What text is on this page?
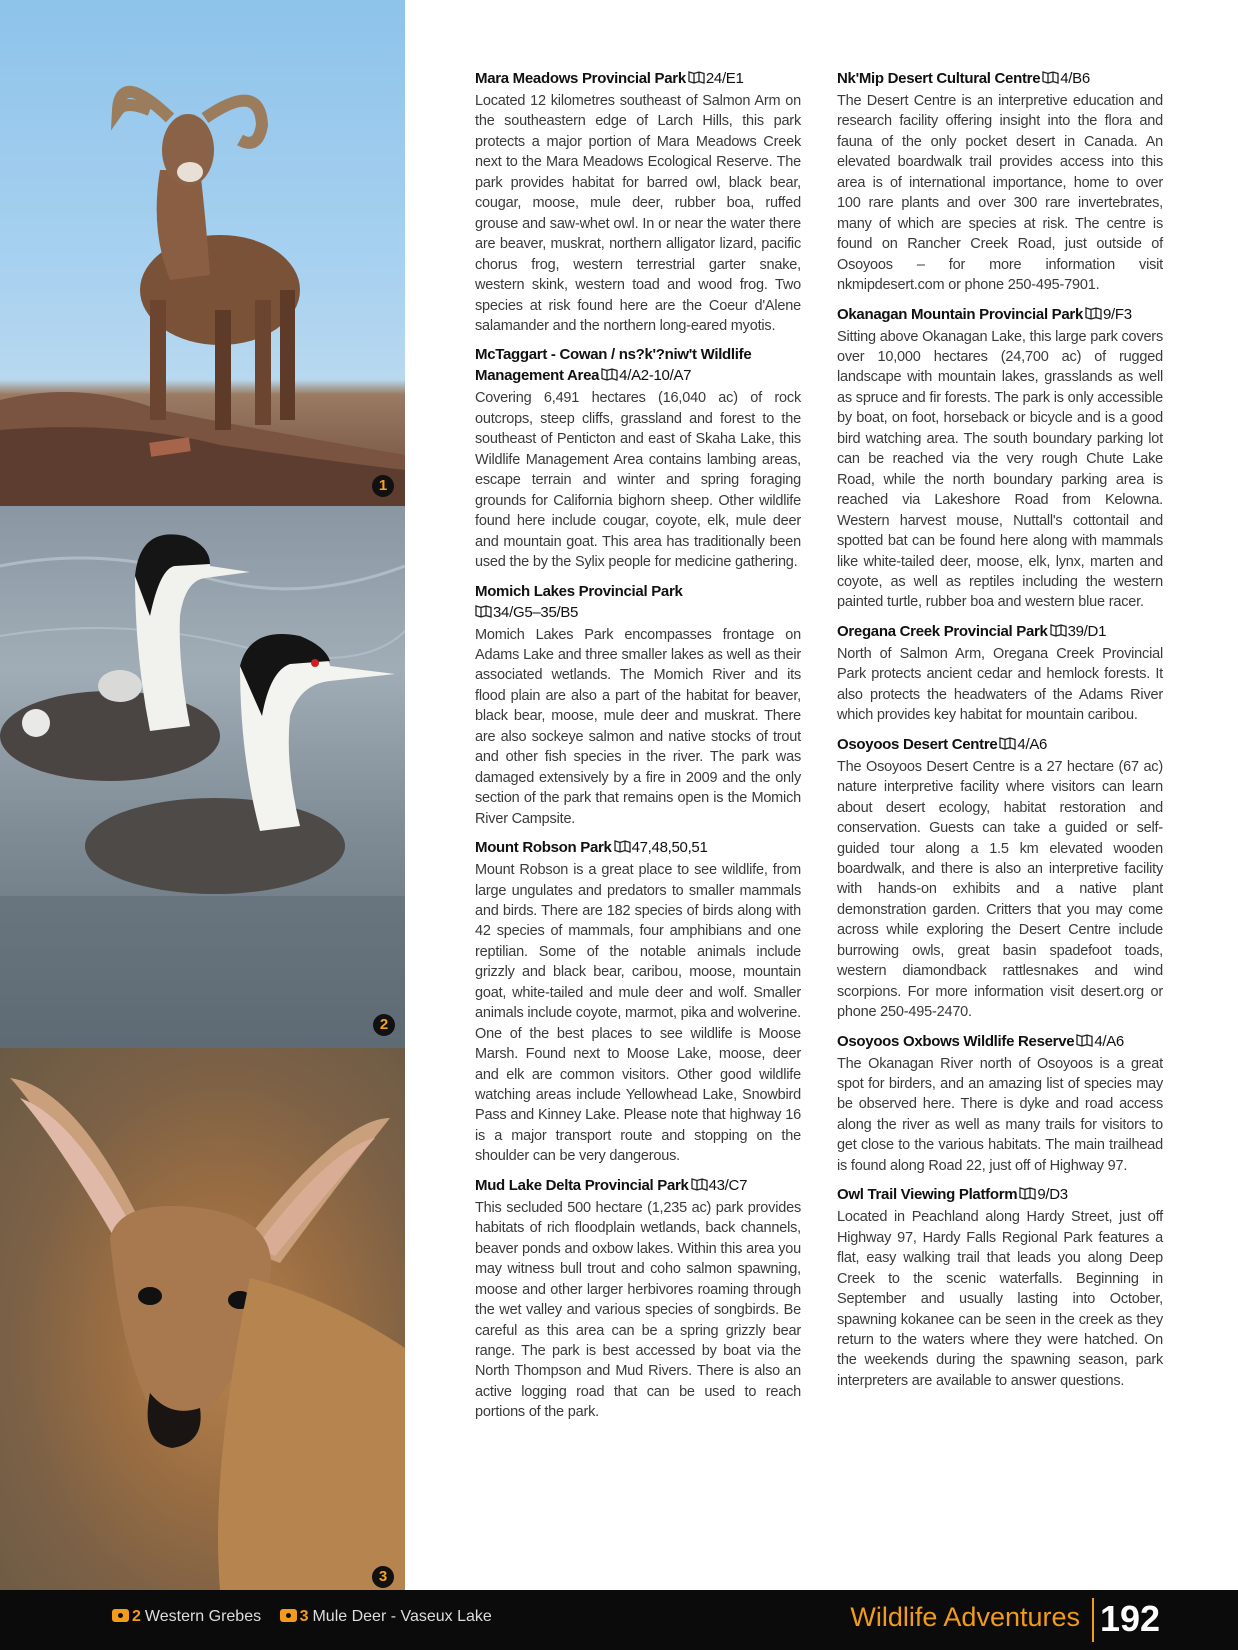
1
2
3
Mara Meadows Provincial Park 24/E1
Located 12 kilometres southeast of Salmon Arm on the southeastern edge of Larch Hills, this park protects a major portion of Mara Meadows Creek next to the Mara Meadows Ecological Reserve. The park provides habitat for barred owl, black bear, cougar, moose, mule deer, rubber boa, ruffed grouse and saw-whet owl. In or near the water there are beaver, muskrat, northern alligator lizard, pacific chorus frog, western terrestrial garter snake, western skink, western toad and wood frog. Two species at risk found here are the Coeur d'Alene salamander and the northern long-eared myotis.
McTaggart - Cowan / ns?k'?niw't Wildlife Management Area 4/A2-10/A7
Covering 6,491 hectares (16,040 ac) of rock outcrops, steep cliffs, grassland and forest to the southeast of Penticton and east of Skaha Lake, this Wildlife Management Area contains lambing areas, escape terrain and winter and spring foraging grounds for California bighorn sheep. Other wildlife found here include cougar, coyote, elk, mule deer and mountain goat. This area has traditionally been used the by the Sylix people for medicine gathering.
Momich Lakes Provincial Park
34/G5–35/B5
Momich Lakes Park encompasses frontage on Adams Lake and three smaller lakes as well as their associated wetlands. The Momich River and its flood plain are also a part of the habitat for beaver, black bear, moose, mule deer and muskrat. There are also sockeye salmon and native stocks of trout and other fish species in the river. The park was damaged extensively by a fire in 2009 and the only section of the park that remains open is the Momich River Campsite.
Mount Robson Park 47,48,50,51
Mount Robson is a great place to see wildlife, from large ungulates and predators to smaller mammals and birds. There are 182 species of birds along with 42 species of mammals, four amphibians and one reptilian. Some of the notable animals include grizzly and black bear, caribou, moose, mountain goat, white-tailed and mule deer and wolf. Smaller animals include coyote, marmot, pika and wolverine. One of the best places to see wildlife is Moose Marsh. Found next to Moose Lake, moose, deer and elk are common visitors. Other good wildlife watching areas include Yellowhead Lake, Snowbird Pass and Kinney Lake. Please note that highway 16 is a major transport route and stopping on the shoulder can be very dangerous.
Mud Lake Delta Provincial Park 43/C7
This secluded 500 hectare (1,235 ac) park provides habitats of rich floodplain wetlands, back channels, beaver ponds and oxbow lakes. Within this area you may witness bull trout and coho salmon spawning, moose and other larger herbivores roaming through the wet valley and various species of songbirds. Be careful as this area can be a spring grizzly bear range. The park is best accessed by boat via the North Thompson and Mud Rivers. There is also an active logging road that can be used to reach portions of the park.
Nk'Mip Desert Cultural Centre 4/B6
The Desert Centre is an interpretive education and research facility offering insight into the flora and fauna of the only pocket desert in Canada. An elevated boardwalk trail provides access into this area is of international importance, home to over 100 rare plants and over 300 rare invertebrates, many of which are species at risk. The centre is found on Rancher Creek Road, just outside of Osoyoos – for more information visit nkmipdesert.com or phone 250-495-7901.
Okanagan Mountain Provincial Park 9/F3
Sitting above Okanagan Lake, this large park covers over 10,000 hectares (24,700 ac) of rugged landscape with mountain lakes, grasslands as well as spruce and fir forests. The park is only accessible by boat, on foot, horseback or bicycle and is a good bird watching area. The south boundary parking lot can be reached via the very rough Chute Lake Road, while the north boundary parking area is reached via Lakeshore Road from Kelowna. Western harvest mouse, Nuttall's cottontail and spotted bat can be found here along with mammals like white-tailed deer, moose, elk, lynx, marten and coyote, as well as reptiles including the western painted turtle, rubber boa and western blue racer.
Oregana Creek Provincial Park 39/D1
North of Salmon Arm, Oregana Creek Provincial Park protects ancient cedar and hemlock forests. It also protects the headwaters of the Adams River which provides key habitat for mountain caribou.
Osoyoos Desert Centre 4/A6
The Osoyoos Desert Centre is a 27 hectare (67 ac) nature interpretive facility where visitors can learn about desert ecology, habitat restoration and conservation. Guests can take a guided or self-guided tour along a 1.5 km elevated wooden boardwalk, and there is also an interpretive facility with hands-on exhibits and a native plant demonstration garden. Critters that you may come across while exploring the Desert Centre include burrowing owls, great basin spadefoot toads, western diamondback rattlesnakes and wind scorpions. For more information visit desert.org or phone 250-495-2470.
Osoyoos Oxbows Wildlife Reserve 4/A6
The Okanagan River north of Osoyoos is a great spot for birders, and an amazing list of species may be observed here. There is dyke and road access along the river as well as many trails for visitors to get close to the various habitats. The main trailhead is found along Road 22, just off of Highway 97.
Owl Trail Viewing Platform 9/D3
Located in Peachland along Hardy Street, just off Highway 97, Hardy Falls Regional Park features a flat, easy walking trail that leads you along Deep Creek to the scenic waterfalls. Beginning in September and usually lasting into October, spawning kokanee can be seen in the creek as they return to the waters where they were hatched. On the weekends during the spawning season, park interpreters are available to answer questions.
2 Western Grebes 3 Mule Deer - Vaseux Lake	Wildlife Adventures 192
